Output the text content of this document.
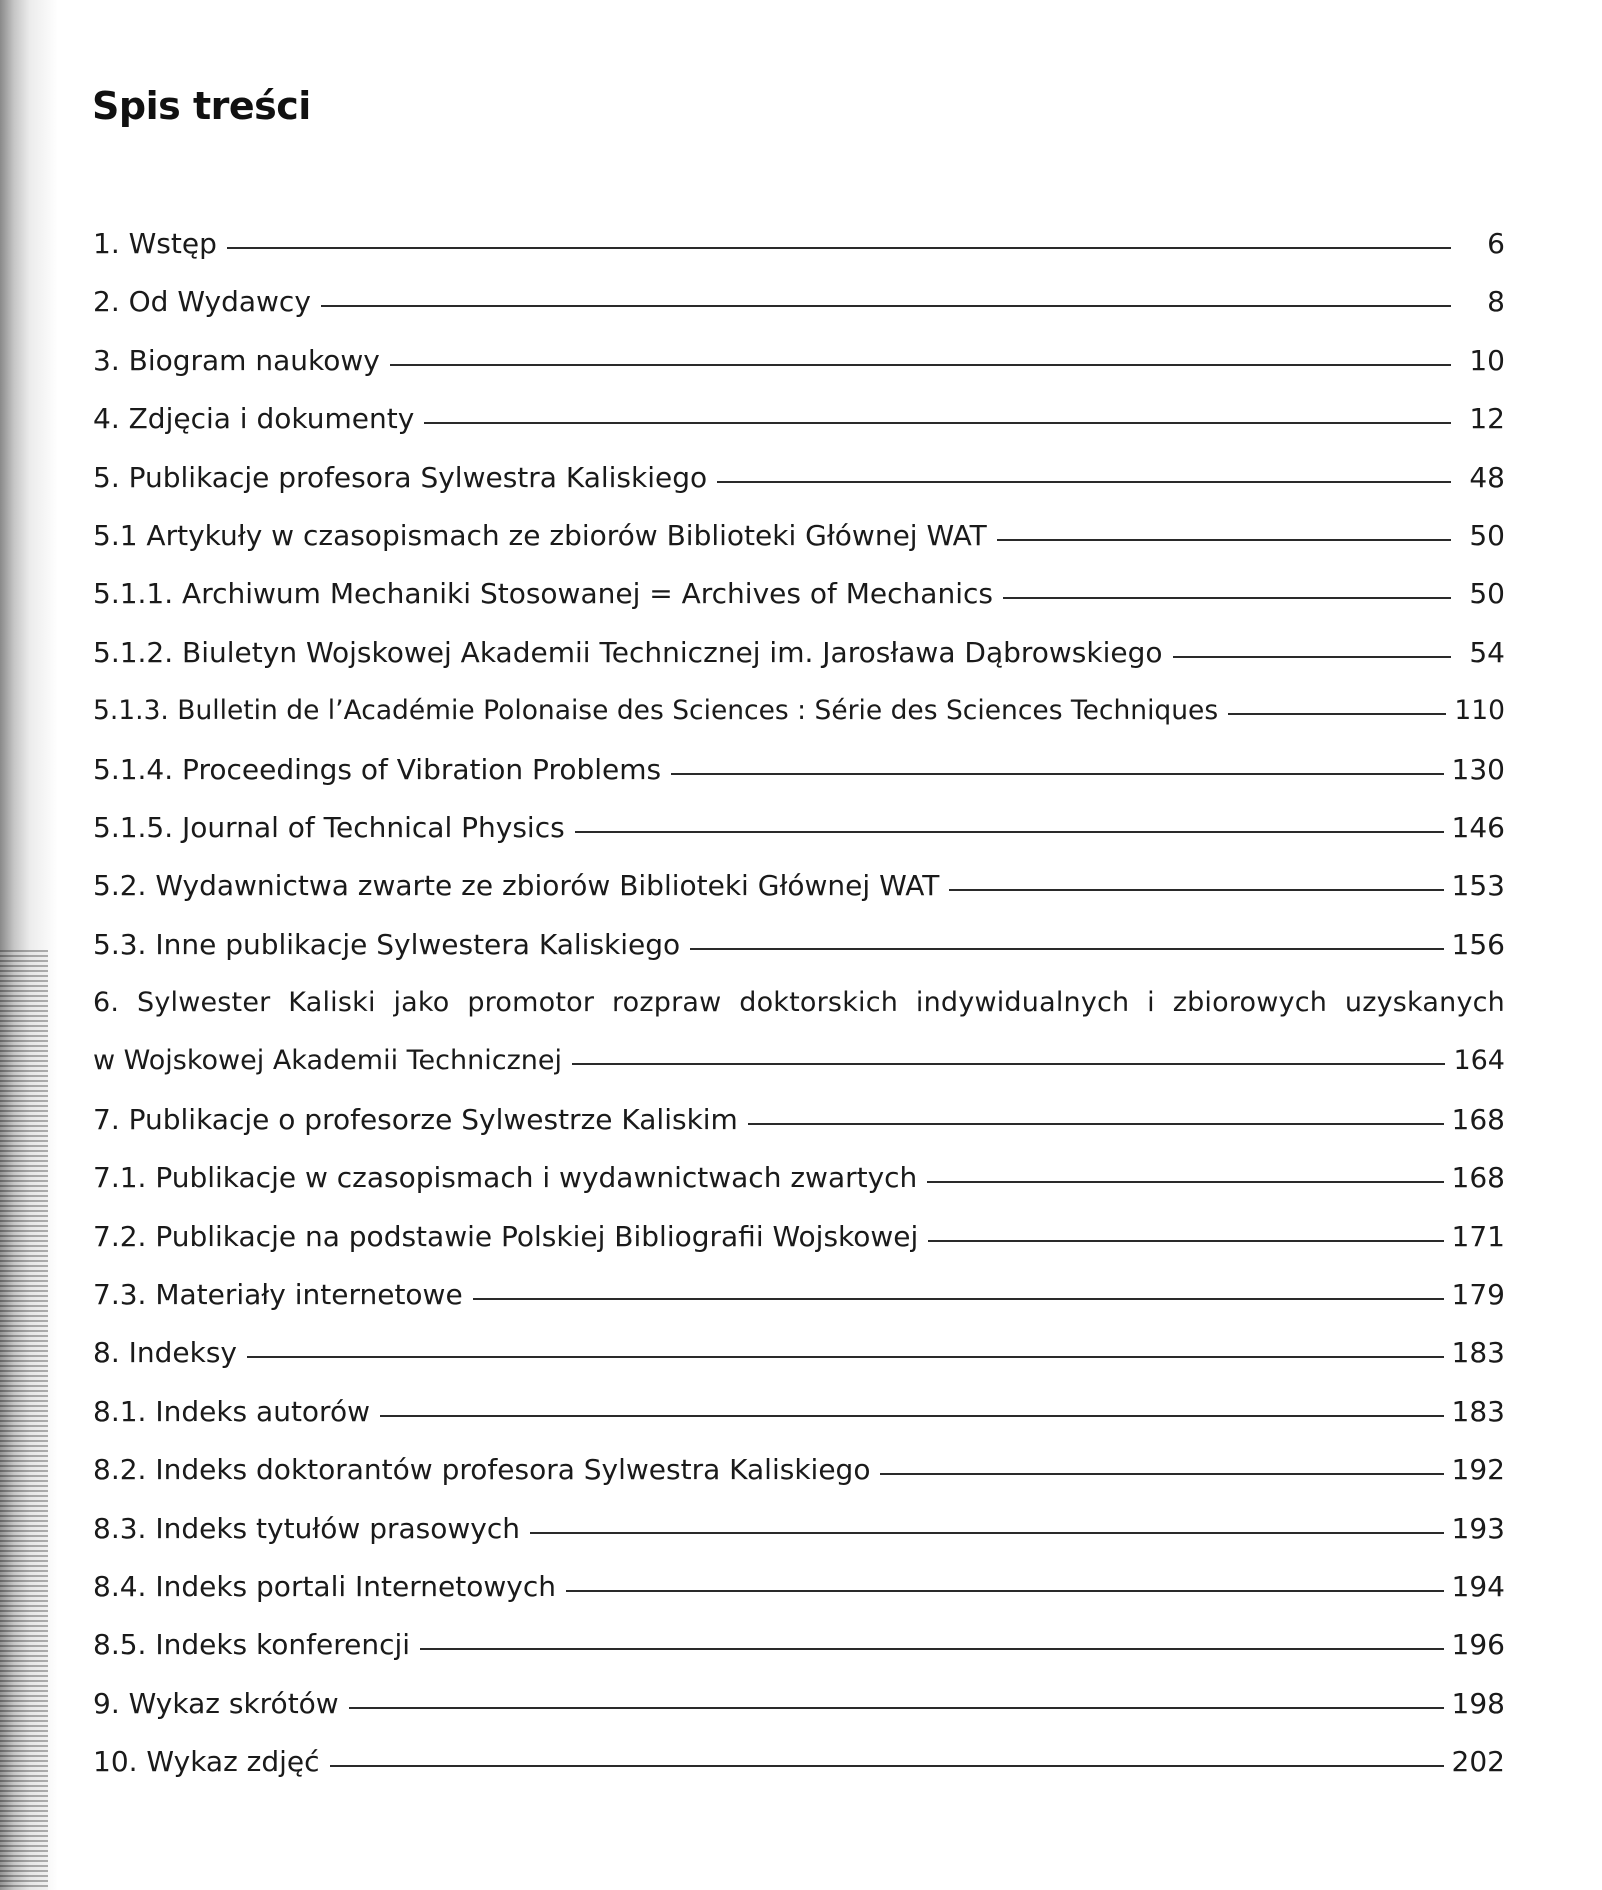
Spis treści
1. Wstęp	6
2. Od Wydawcy	8
3. Biogram naukowy	10
4. Zdjęcia i dokumenty	12
5. Publikacje profesora Sylwestra Kaliskiego	48
5.1 Artykuły w czasopismach ze zbiorów Biblioteki Głównej WAT	50
5.1.1. Archiwum Mechaniki Stosowanej = Archives of Mechanics	50
5.1.2. Biuletyn Wojskowej Akademii Technicznej im. Jarosława Dąbrowskiego	54
5.1.3. Bulletin de l’Académie Polonaise des Sciences : Série des Sciences Techniques	110
5.1.4. Proceedings of Vibration Problems	130
5.1.5. Journal of Technical Physics	146
5.2. Wydawnictwa zwarte ze zbiorów Biblioteki Głównej WAT	153
5.3. Inne publikacje Sylwestera Kaliskiego	156
6. Sylwester Kaliski jako promotor rozpraw doktorskich indywidualnych i zbiorowych uzyskanych
w Wojskowej Akademii Technicznej	164
7. Publikacje o profesorze Sylwestrze Kaliskim	168
7.1. Publikacje w czasopismach i wydawnictwach zwartych	168
7.2. Publikacje na podstawie Polskiej Bibliografii Wojskowej	171
7.3. Materiały internetowe	179
8. Indeksy	183
8.1. Indeks autorów	183
8.2. Indeks doktorantów profesora Sylwestra Kaliskiego	192
8.3. Indeks tytułów prasowych	193
8.4. Indeks portali Internetowych	194
8.5. Indeks konferencji	196
9. Wykaz skrótów	198
10. Wykaz zdjęć	202
